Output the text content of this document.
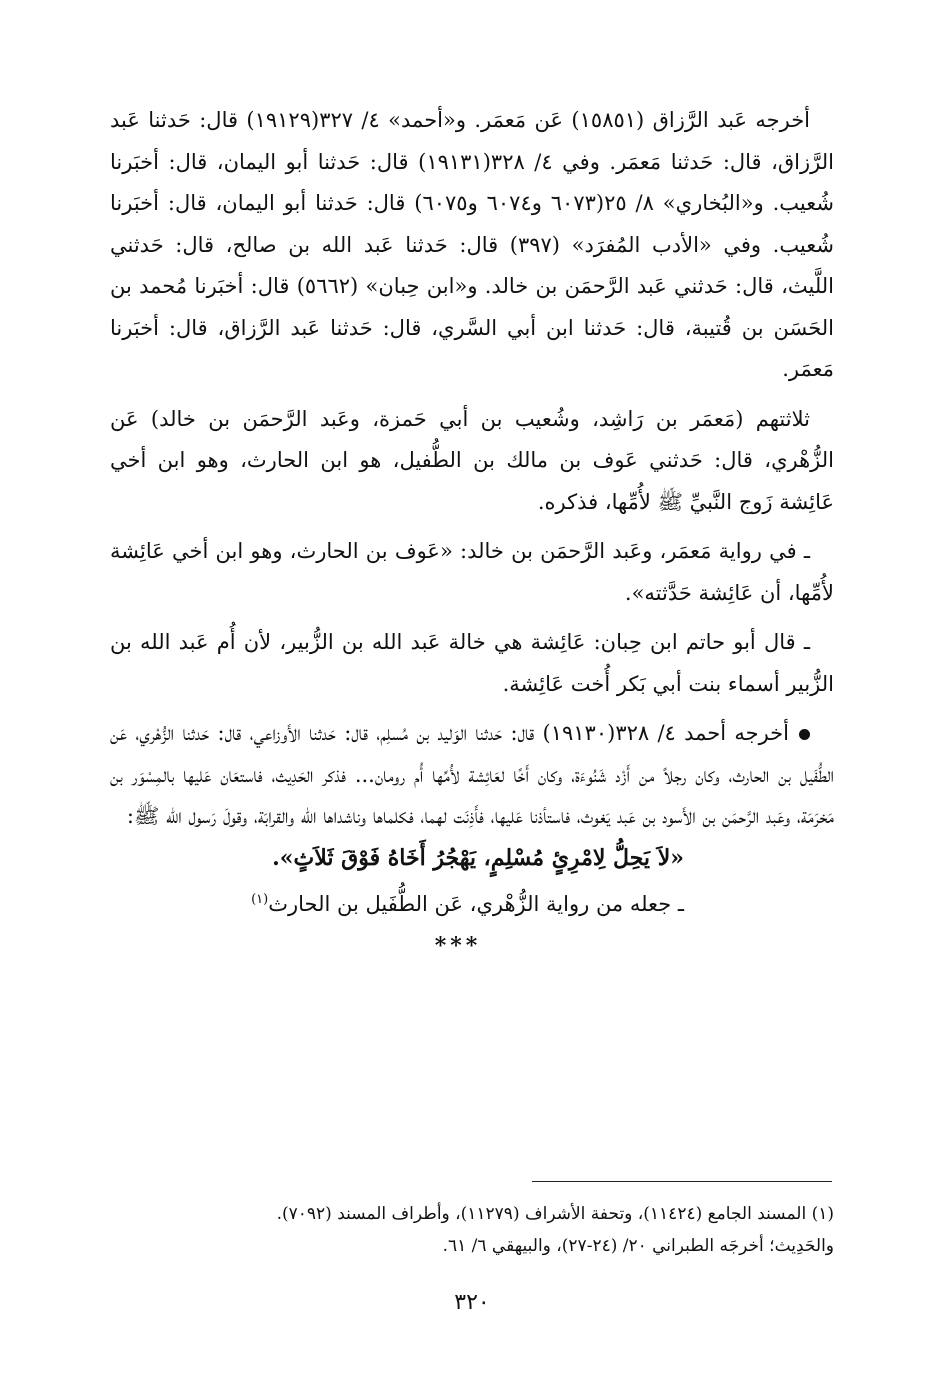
أخرجه عَبد الرَّزاق (١٥٨٥١) عَن مَعمَر. و«أحمد» ٤/ ٣٢٧(١٩١٢٩) قال: حَدثنا عَبد الرَّزاق، قال: حَدثنا مَعمَر. وفي ٤/ ٣٢٨(١٩١٣١) قال: حَدثنا أبو اليمان، قال: أخبَرنا شُعيب. و«البُخاري» ٨/ ٢٥(٦٠٧٣ و٦٠٧٤ و٦٠٧٥) قال: حَدثنا أبو اليمان، قال: أخبَرنا شُعيب. وفي «الأدب المُفرَد» (٣٩٧) قال: حَدثنا عَبد الله بن صالح، قال: حَدثني اللَّيث، قال: حَدثني عَبد الرَّحمَن بن خالد. و«ابن حِبان» (٥٦٦٢) قال: أخبَرنا مُحمد بن الحَسَن بن قُتيبة، قال: حَدثنا ابن أبي السَّري، قال: حَدثنا عَبد الرَّزاق، قال: أخبَرنا مَعمَر.

ثلاثتهم (مَعمَر بن رَاشِد، وشُعيب بن أبي حَمزة، وعَبد الرَّحمَن بن خالد) عَن الزُّهْري، قال: حَدثني عَوف بن مالك بن الطُّفيل، هو ابن الحارث، وهو ابن أخي عَائِشة زَوج النَّبيِّ ﷺ لأُمِّها، فذكره.

ـ في رواية مَعمَر، وعَبد الرَّحمَن بن خالد: «عَوف بن الحارث، وهو ابن أخي عَائِشة لأُمِّها، أن عَائِشة حَدَّثته».

ـ قال أبو حاتم ابن حِبان: عَائِشة هي خالة عَبد الله بن الزُّبير، لأن أُم عَبد الله بن الزُّبير أسماء بنت أبي بَكر أُخت عَائِشة.

أخرجه أحمد ٤/ ٣٢٨(١٩١٣٠) قال: حَدثنا الوَليد بن مُسلِم، قال: حَدثنا الأَوزاعي، قال: حَدثنا الزُّهْري، عَن الطُّفَيل بن الحارث، وكان رجلاً من أَزْد شَنُوءَة، وكان أَخًا لعَائِشة لأُمِّها أُم رومان... فذكر الحَدِيث، فاستعَان عَليها بالمِسْوَر بن مَخرَمَة، وعَبد الرَّحمَن بن الأَسود بن عَبد يَغوث، فاستأذنا عَليها، فأَذِنَت لهما، فكلماها وناشداها الله والقرابَة، وقولَ رَسول الله ﷺ:

«لاَ يَحِلُّ لِامْرِئٍ مُسْلِمٍ، يَهْجُرُ أَخَاهُ فَوْقَ ثَلاَثٍ».

ـ جعله من رواية الزُّهْري، عَن الطُّفَيل بن الحارث$^{(١)}$

***

(١) المسند الجامع (١١٤٢٤)، وتحفة الأشراف (١١٢٧٩)، وأطراف المسند (٧٠٩٢).

والحَدِيث؛ أخرجَه الطبراني ٢٠/ (٢٤-٢٧)، والبيهقي ٦/ ٦١.

٣٢٠
